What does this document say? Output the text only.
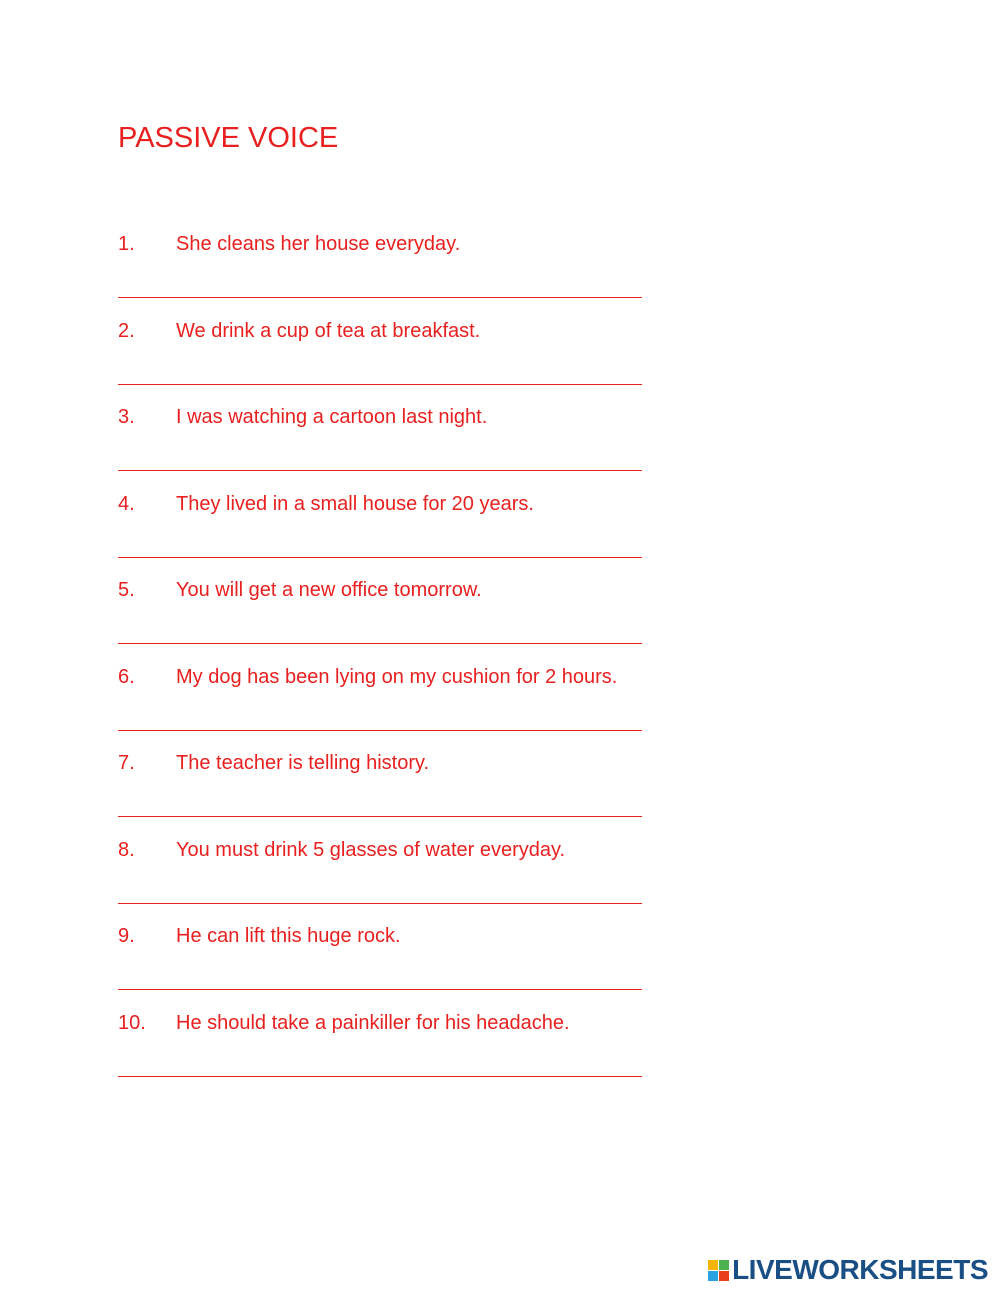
PASSIVE VOICE
1. She cleans her house everyday.
2. We drink a cup of tea at breakfast.
3. I was watching a cartoon last night.
4. They lived in a small house for 20 years.
5. You will get a new office tomorrow.
6. My dog has been lying on my cushion for 2 hours.
7. The teacher is telling history.
8. You must drink 5 glasses of water everyday.
9. He can lift this huge rock.
10. He should take a painkiller for his headache.
LIVEWORKSHEETS
